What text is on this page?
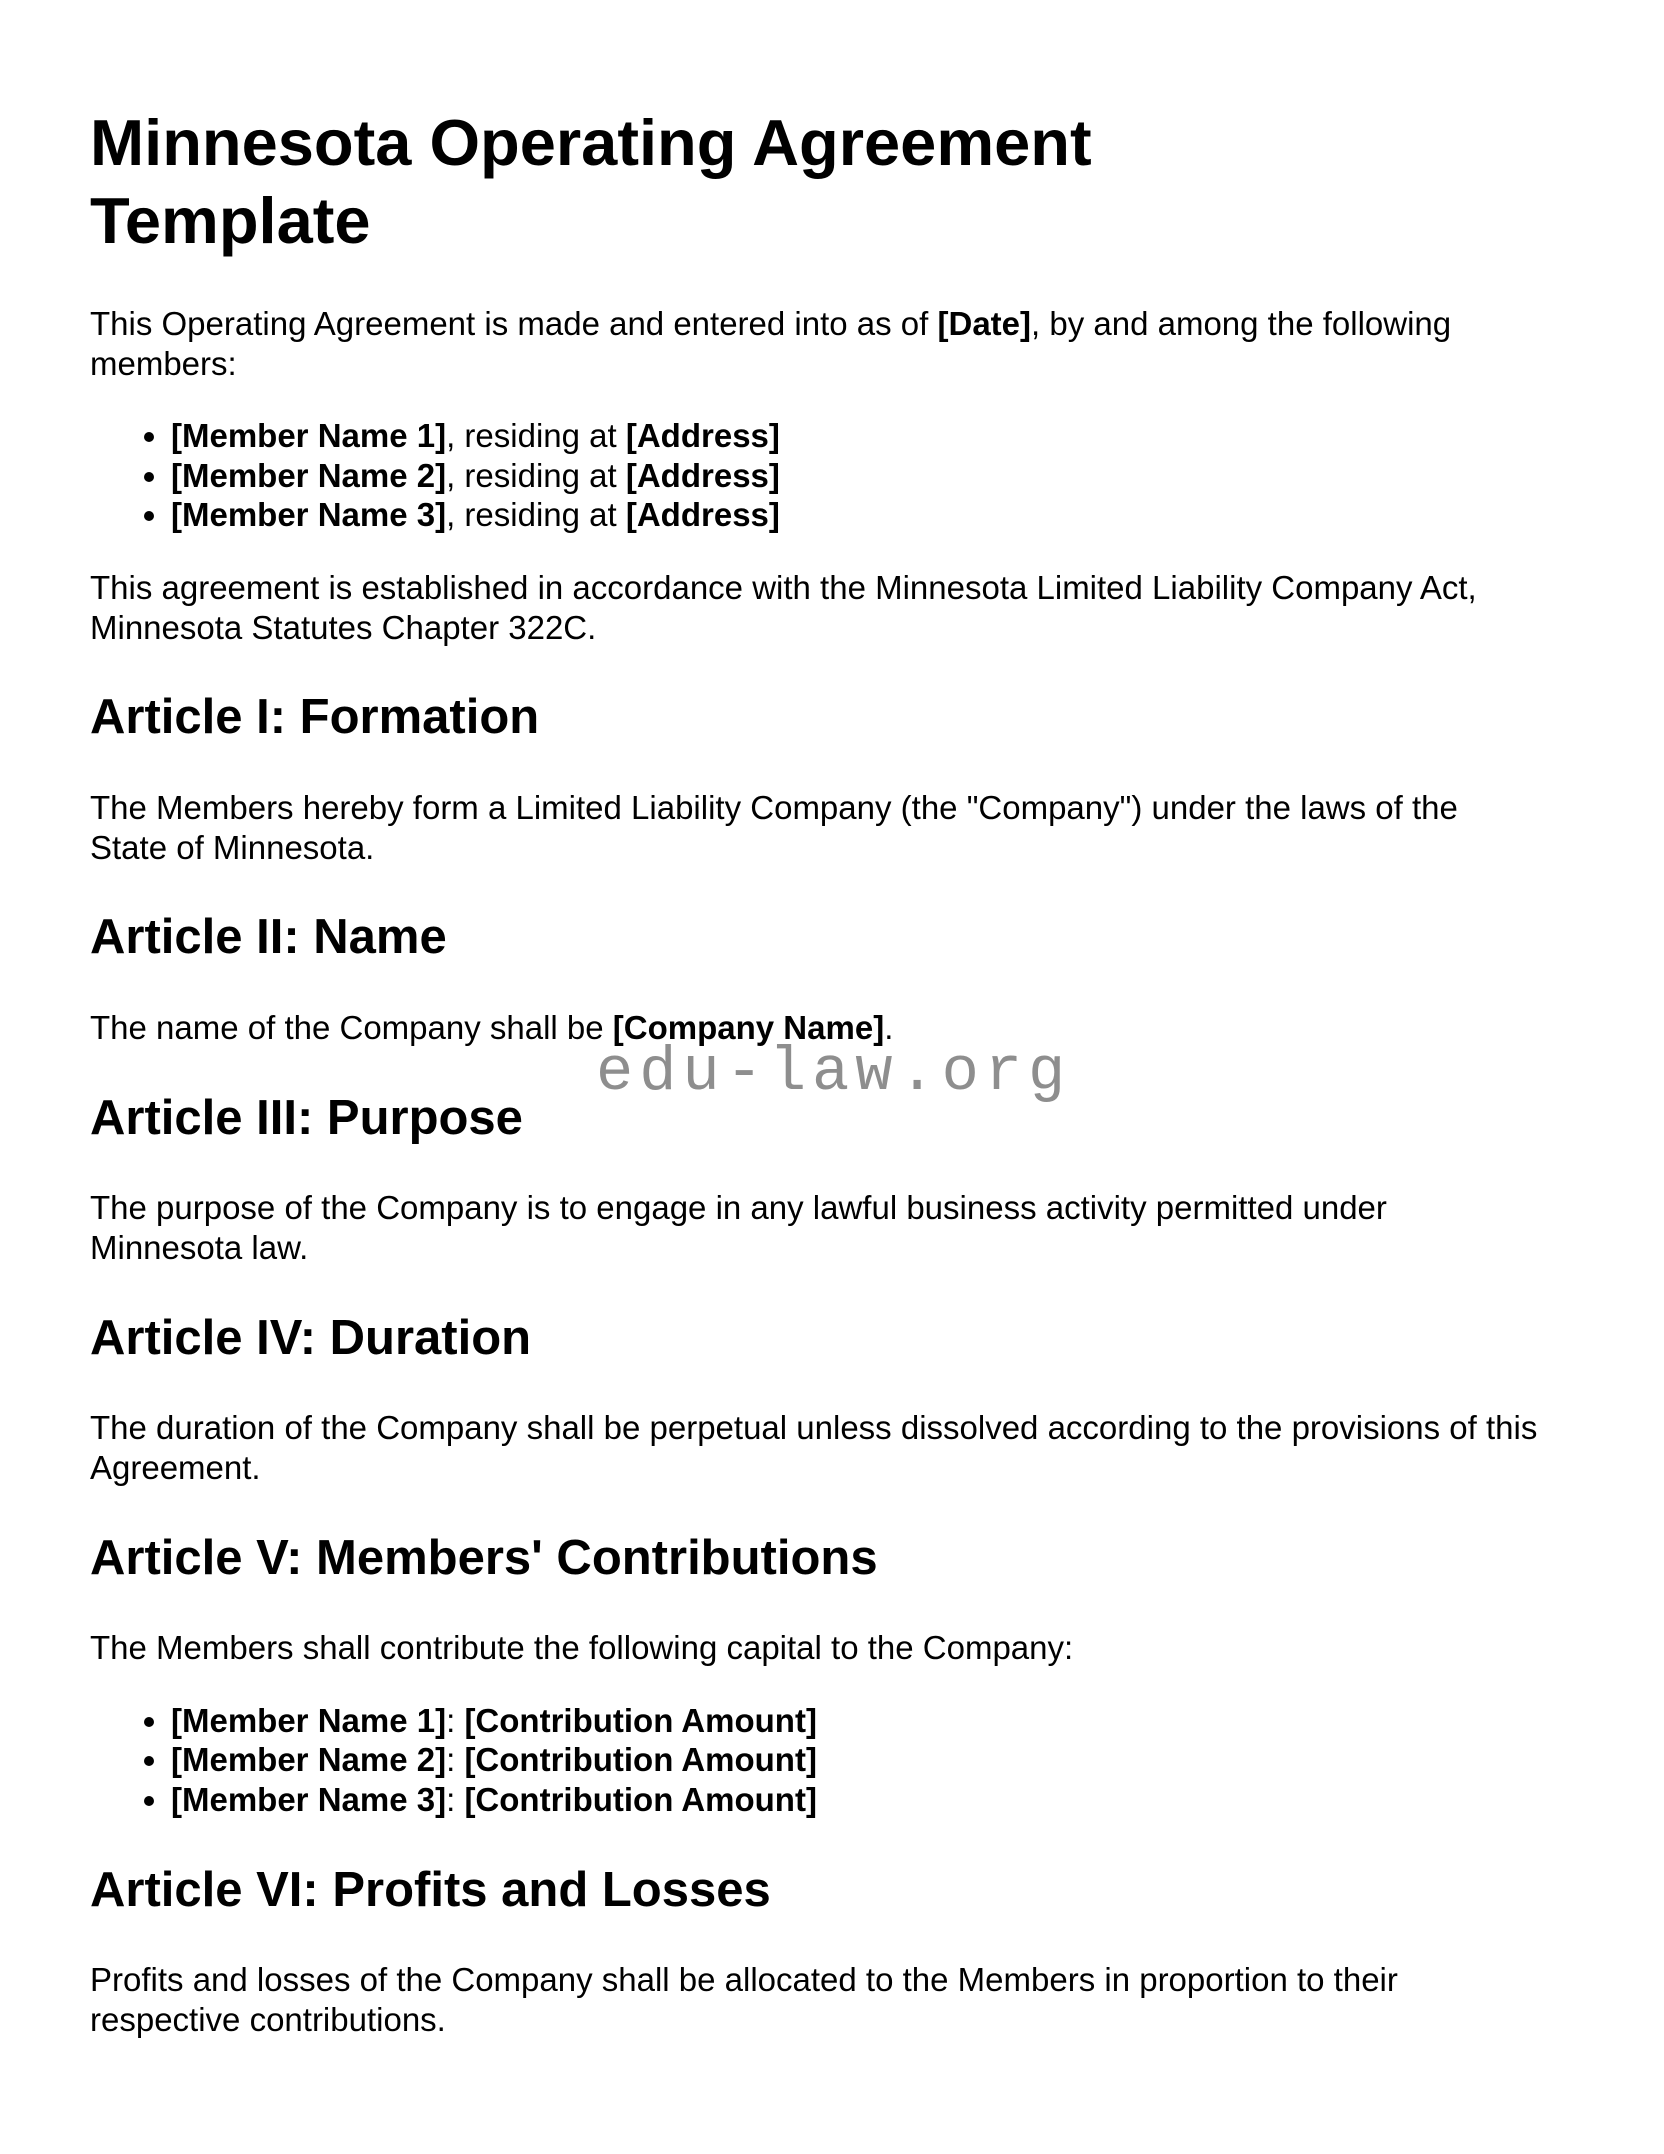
edu-law.org
Minnesota Operating Agreement Template

This Operating Agreement is made and entered into as of [Date], by and among the following members:

• [Member Name 1], residing at [Address]
• [Member Name 2], residing at [Address]
• [Member Name 3], residing at [Address]

This agreement is established in accordance with the Minnesota Limited Liability Company Act, Minnesota Statutes Chapter 322C.

Article I: Formation

The Members hereby form a Limited Liability Company (the "Company") under the laws of the State of Minnesota.

Article II: Name

The name of the Company shall be [Company Name].

Article III: Purpose

The purpose of the Company is to engage in any lawful business activity permitted under Minnesota law.

Article IV: Duration

The duration of the Company shall be perpetual unless dissolved according to the provisions of this Agreement.

Article V: Members' Contributions

The Members shall contribute the following capital to the Company:

• [Member Name 1]: [Contribution Amount]
• [Member Name 2]: [Contribution Amount]
• [Member Name 3]: [Contribution Amount]
Article VI: Profits and Losses

Profits and losses of the Company shall be allocated to the Members in proportion to their respective contributions.
